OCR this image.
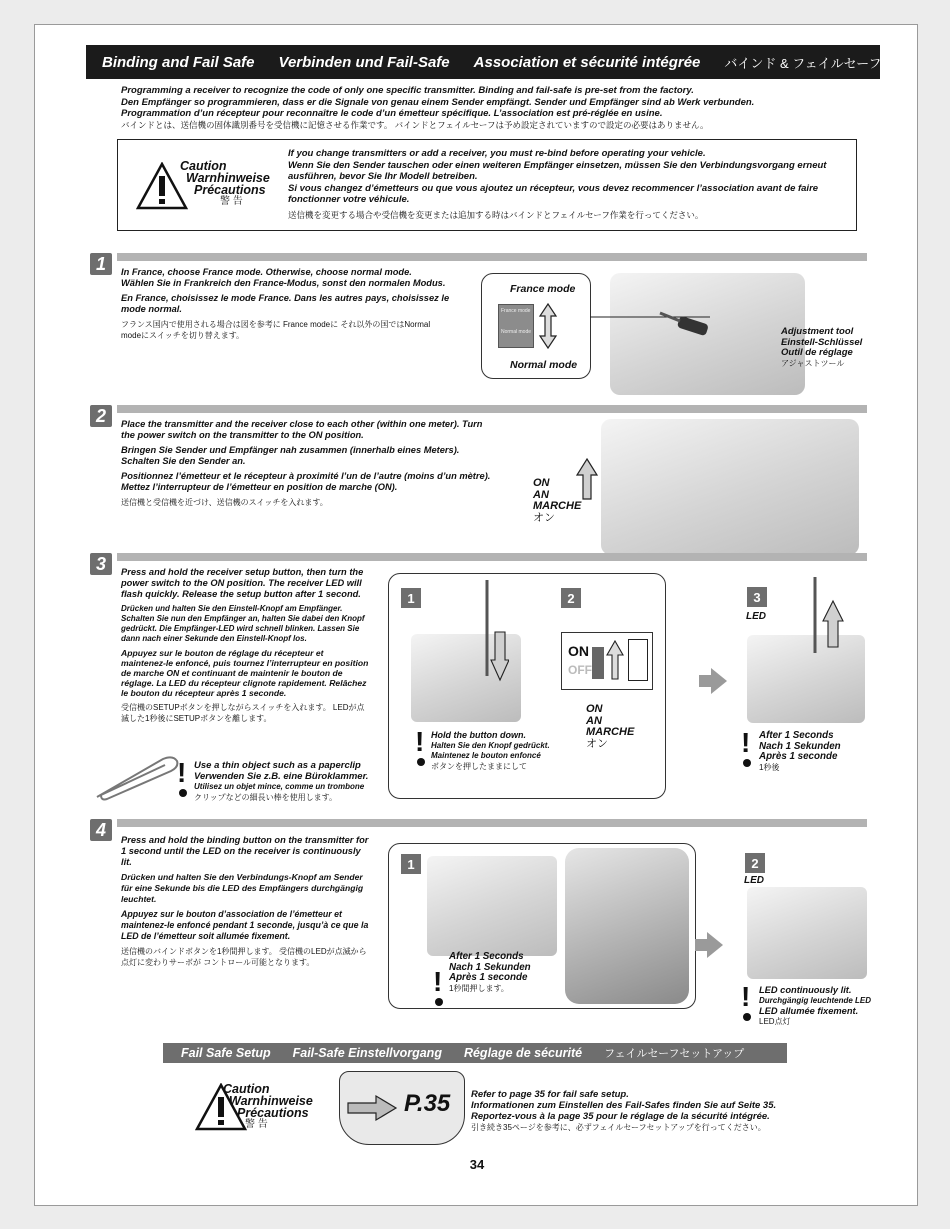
Binding and Fail Safe Verbinden und Fail-Safe Association et sécurité intégrée バインド & フェイルセーフ
Programming a receiver to recognize the code of only one specific transmitter. Binding and fail-safe is pre-set from the factory.
Den Empfänger so programmieren, dass er die Signale von genau einem Sender empfängt. Sender und Empfänger sind ab Werk verbunden.
Programmation d’un récepteur pour reconnaître le code d’un émetteur spécifique. L’association est pré-réglée en usine.
バインドとは、送信機の固体識別番号を受信機に記憶させる作業です。 バインドとフェイルセーフは予め設定されていますので設定の必要はありません。
Caution
Warnhinweise
Précautions
警 告
If you change transmitters or add a receiver, you must re-bind before operating your vehicle.
Wenn Sie den Sender tauschen oder einen weiteren Empfänger einsetzen, müssen Sie den Verbindungsvorgang erneut ausführen, bevor Sie Ihr Modell betreiben.
Si vous changez d’émetteurs ou que vous ajoutez un récepteur, vous devez recommencer l’association avant de faire fonctionner votre véhicule.
送信機を変更する場合や受信機を変更または追加する時はバインドとフェイルセーフ作業を行ってください。
1	In France, choose France mode. Otherwise, choose normal mode.
Wählen Sie in Frankreich den France-Modus, sonst den normalen Modus.

En France, choisissez le mode France. Dans les autres pays, choisissez le mode normal.

フランス国内で使用される場合は図を参考に France modeに それ以外の国ではNormal modeにスイッチを切り替えます。

France mode
France mode
Normal mode
Normal mode
Adjustment tool
Einstell-Schlüssel
Outil de réglage
アジャストツール
2	Place the transmitter and the receiver close to each other (within one meter). Turn the power switch on the transmitter to the ON position.

Bringen Sie Sender und Empfänger nah zusammen (innerhalb eines Meters). Schalten Sie den Sender an.

Positionnez l’émetteur et le récepteur à proximité l’un de l’autre (moins d’un mètre). Mettez l’interrupteur de l’émetteur en position de marche (ON).

送信機と受信機を近づけ、送信機のスイッチを入れます。

ON
AN
MARCHE
オン
3	Press and hold the receiver setup button, then turn the power switch to the ON position. The receiver LED will flash quickly. Release the setup button after 1 second.

Drücken und halten Sie den Einstell-Knopf am Empfänger. Schalten Sie nun den Empfänger an, halten Sie dabei den Knopf gedrückt. Die Empfänger-LED wird schnell blinken. Lassen Sie dann nach einer Sekunde den Einstell-Knopf los.

Appuyez sur le bouton de réglage du récepteur et maintenez-le enfoncé, puis tournez l’interrupteur en position de marche ON et continuant de maintenir le bouton de réglage. La LED du récepteur clignote rapidement. Relâchez le bouton du récepteur après 1 seconde.

受信機のSETUPボタンを押しながらスイッチを入れます。 LEDが点滅した1秒後にSETUPボタンを離します。

! Use a thin object such as a paperclip
Verwenden Sie z.B. eine Büroklammer.
Utilisez un objet mince, comme un trombone
クリップなどの細長い棒を使用します。
1	2
ON
OFF
ON
AN
MARCHE
オン
! Hold the button down.
Halten Sie den Knopf gedrückt.
Maintenez le bouton enfoncé
ボタンを押したままにして
3
LED
! After 1 Seconds
Nach 1 Sekunden
Après 1 seconde
1秒後
4

Press and hold the binding button on the transmitter for 1 second until the LED on the receiver is continuously lit.

Drücken und halten Sie den Verbindungs-Knopf am Sender für eine Sekunde bis die LED des Empfängers durchgängig leuchtet.

Appuyez sur le bouton d’association de l’émetteur et maintenez-le enfoncé pendant 1 seconde, jusqu’à ce que la LED de l’émetteur soit allumée fixement.

送信機のバインドボタンを1秒間押します。 受信機のLEDが点滅から点灯に変わりサーボが コントロール可能となります。

1
!
After 1 Seconds
Nach 1 Sekunden
Après 1 seconde
1秒間押します。
2
LED
! LED continuously lit.
Durchgängig leuchtende LED
LED allumée fixement.
LED点灯
Fail Safe Setup Fail-Safe Einstellvorgang Réglage de sécurité フェイルセーフセットアップ
Caution
Warnhinweise
Précautions
警 告
P.35 Refer to page 35 for fail safe setup.
Informationen zum Einstellen des Fail-Safes finden Sie auf Seite 35.
Reportez-vous à la page 35 pour le réglage de la sécurité intégrée.
引き続き35ページを参考に、必ずフェイルセーフセットアップを行ってください。
34
